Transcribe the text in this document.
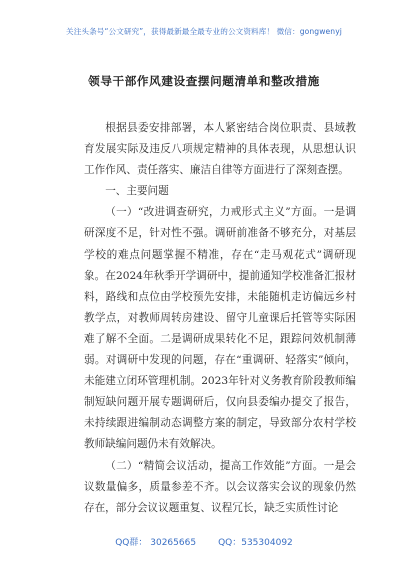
关注头条号“公文研究”，获得最新最全最专业的公文资料库！ 微信：gongwenyj
领导干部作风建设查摆问题清单和整改措施

根据县委安排部署，本人紧密结合岗位职责、县域教育发展实际及违反八项规定精神的具体表现，从思想认识工作作风、责任落实、廉洁自律等方面进行了深刻查摆。

一、主要问题

（一）“改进调查研究，力戒形式主义”方面。一是调研深度不足，针对性不强。调研前准备不够充分，对基层学校的难点问题掌握不精准，存在“走马观花式”调研现象。在2024年秋季开学调研中，提前通知学校准备汇报材料，路线和点位由学校预先安排，未能随机走访偏远乡村教学点，对教师周转房建设、留守儿童课后托管等实际困难了解不全面。二是调研成果转化不足，跟踪问效机制薄弱。对调研中发现的问题，存在“重调研、轻落实”倾向，未能建立闭环管理机制。2023年针对义务教育阶段教师编制短缺问题开展专题调研后，仅向县委编办提交了报告，未持续跟进编制动态调整方案的制定，导致部分农村学校教师缺编问题仍未有效解决。

（二）“精简会议活动，提高工作效能”方面。一是会议数量偏多，质量参差不齐。以会议落实会议的现象仍然存在，部分会议议题重复、议程冗长，缺乏实质性讨论

QQ群： 30265665 QQ：535304092
